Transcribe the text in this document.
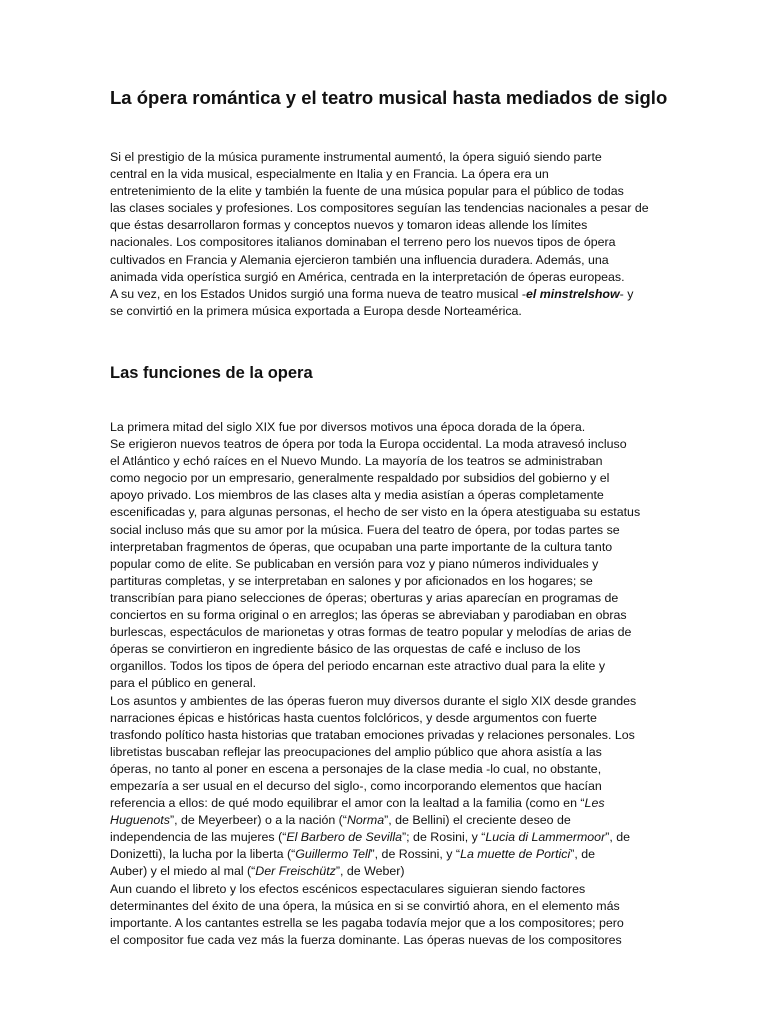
La ópera romántica y el teatro musical hasta mediados de siglo

Si el prestigio de la música puramente instrumental aumentó, la ópera siguió siendo parte
central en la vida musical, especialmente en Italia y en Francia. La ópera era un
entretenimiento de la elite y también la fuente de una música popular para el público de todas
las clases sociales y profesiones. Los compositores seguían las tendencias nacionales a pesar de
que éstas desarrollaron formas y conceptos nuevos y tomaron ideas allende los límites
nacionales. Los compositores italianos dominaban el terreno pero los nuevos tipos de ópera
cultivados en Francia y Alemania ejercieron también una influencia duradera. Además, una
animada vida operística surgió en América, centrada en la interpretación de óperas europeas.
A su vez, en los Estados Unidos surgió una forma nueva de teatro musical -el minstrelshow- y
se convirtió en la primera música exportada a Europa desde Norteamérica.

Las funciones de la opera

La primera mitad del siglo XIX fue por diversos motivos una época dorada de la ópera.
Se erigieron nuevos teatros de ópera por toda la Europa occidental. La moda atravesó incluso
el Atlántico y echó raíces en el Nuevo Mundo. La mayoría de los teatros se administraban
como negocio por un empresario, generalmente respaldado por subsidios del gobierno y el
apoyo privado. Los miembros de las clases alta y media asistían a óperas completamente
escenificadas y, para algunas personas, el hecho de ser visto en la ópera atestiguaba su estatus
social incluso más que su amor por la música. Fuera del teatro de ópera, por todas partes se
interpretaban fragmentos de óperas, que ocupaban una parte importante de la cultura tanto
popular como de elite. Se publicaban en versión para voz y piano números individuales y
partituras completas, y se interpretaban en salones y por aficionados en los hogares; se
transcribían para piano selecciones de óperas; oberturas y arias aparecían en programas de
conciertos en su forma original o en arreglos; las óperas se abreviaban y parodiaban en obras
burlescas, espectáculos de marionetas y otras formas de teatro popular y melodías de arias de
óperas se convirtieron en ingrediente básico de las orquestas de café e incluso de los
organillos. Todos los tipos de ópera del periodo encarnan este atractivo dual para la elite y
para el público en general.
Los asuntos y ambientes de las óperas fueron muy diversos durante el siglo XIX desde grandes
narraciones épicas e históricas hasta cuentos folclóricos, y desde argumentos con fuerte
trasfondo político hasta historias que trataban emociones privadas y relaciones personales. Los
libretistas buscaban reflejar las preocupaciones del amplio público que ahora asistía a las
óperas, no tanto al poner en escena a personajes de la clase media -lo cual, no obstante,
empezaría a ser usual en el decurso del siglo-, como incorporando elementos que hacían
referencia a ellos: de qué modo equilibrar el amor con la lealtad a la familia (como en “Les
Huguenots”, de Meyerbeer) o a la nación (“Norma”, de Bellini) el creciente deseo de
independencia de las mujeres (“El Barbero de Sevilla”; de Rosini, y “Lucia di Lammermoor”, de
Donizetti), la lucha por la liberta (“Guillermo Tell”, de Rossini, y “La muette de Portici”, de
Auber) y el miedo al mal (“Der Freischütz”, de Weber)
Aun cuando el libreto y los efectos escénicos espectaculares siguieran siendo factores
determinantes del éxito de una ópera, la música en si se convirtió ahora, en el elemento más
importante. A los cantantes estrella se les pagaba todavía mejor que a los compositores; pero
el compositor fue cada vez más la fuerza dominante. Las óperas nuevas de los compositores
